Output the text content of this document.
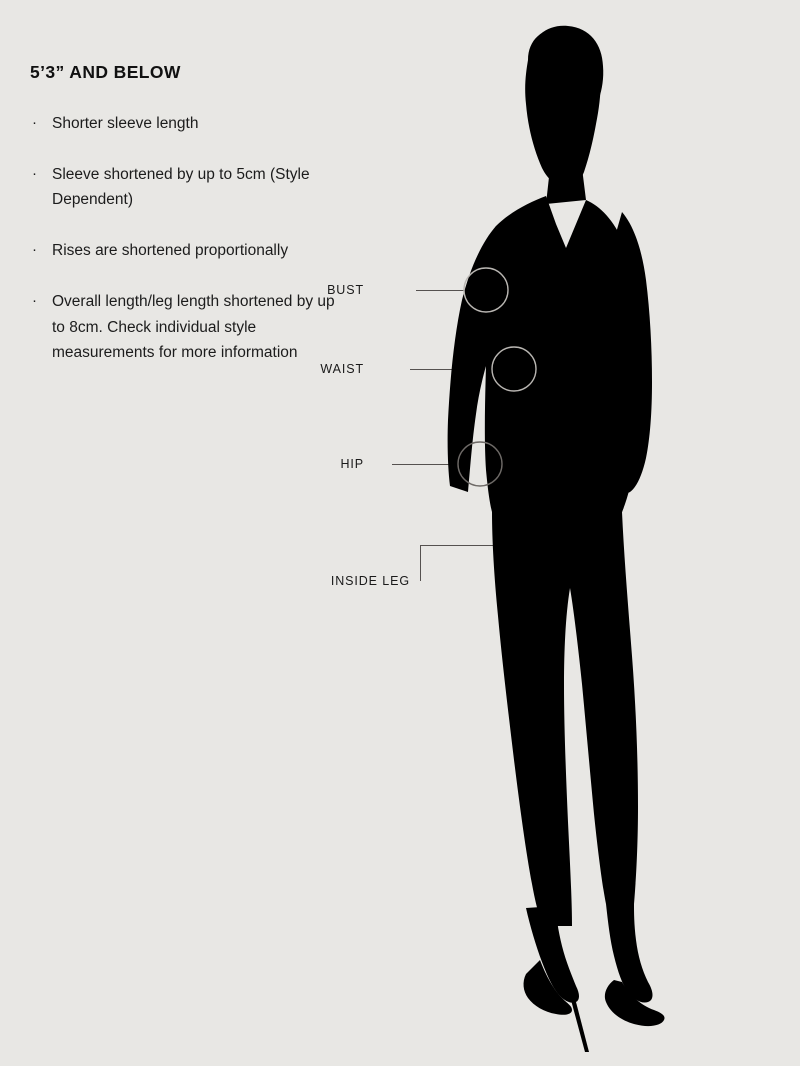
5’3” AND BELOW
· Shorter sleeve length
· Sleeve shortened by up to 5cm (Style Dependent)
· Rises are shortened proportionally
· Overall length/leg length shortened by up to 8cm. Check individual style measurements for more information
BUST
WAIST
HIP
INSIDE LEG
